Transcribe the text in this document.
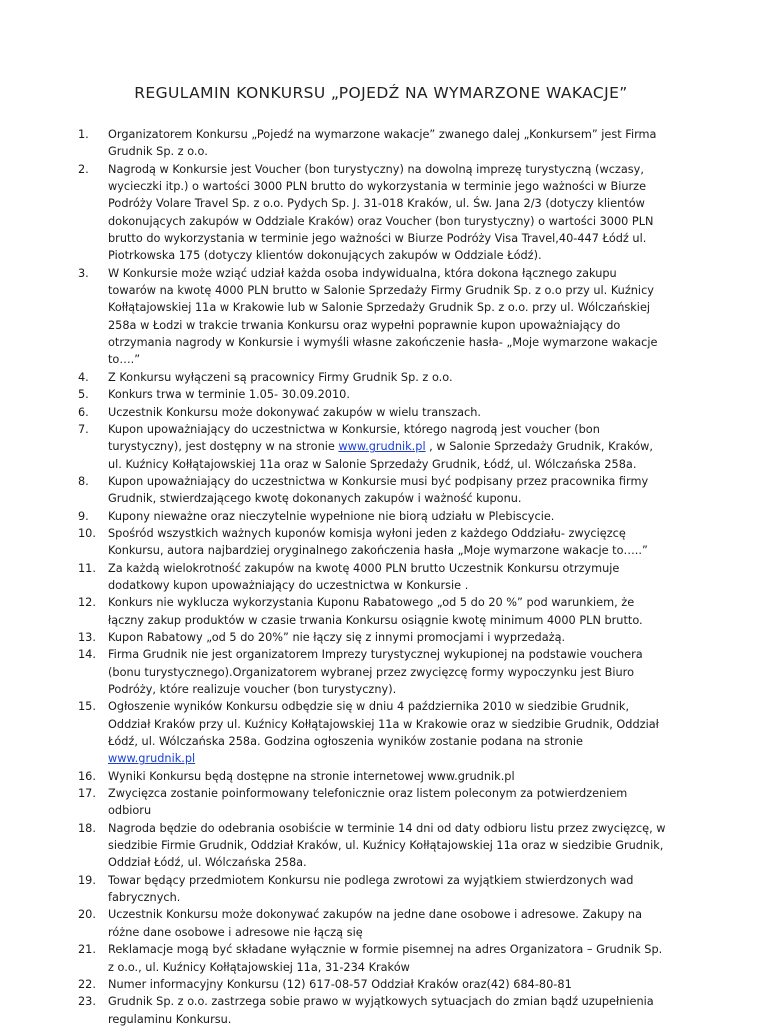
REGULAMIN KONKURSU „POJEDŹ NA WYMARZONE WAKACJE”
1. Organizatorem Konkursu „Pojedź na wymarzone wakacje” zwanego dalej „Konkursem” jest Firma Grudnik Sp. z o.o.
2. Nagrodą w Konkursie jest Voucher (bon turystyczny) na dowolną imprezę turystyczną (wczasy, wycieczki itp.) o wartości 3000 PLN brutto do wykorzystania w terminie jego ważności w Biurze Podróży Volare Travel Sp. z o.o. Pydych Sp. J. 31-018 Kraków, ul. Św. Jana 2/3 (dotyczy klientów dokonujących zakupów w Oddziale Kraków) oraz Voucher (bon turystyczny) o wartości 3000 PLN brutto do wykorzystania w terminie jego ważności w Biurze Podróży Visa Travel,40-447 Łódź ul. Piotrkowska 175 (dotyczy klientów dokonujących zakupów w Oddziale Łódź).
3. W Konkursie może wziąć udział każda osoba indywidualna, która dokona łącznego zakupu towarów na kwotę 4000 PLN brutto w Salonie Sprzedaży Firmy Grudnik Sp. z o.o przy ul. Kuźnicy Kołłątajowskiej 11a w Krakowie lub w Salonie Sprzedaży Grudnik Sp. z o.o. przy ul. Wólczańskiej 258a w Łodzi w trakcie trwania Konkursu oraz wypełni poprawnie kupon upoważniający do otrzymania nagrody w Konkursie i wymyśli własne zakończenie hasła- „Moje wymarzone wakacje to….”
4. Z Konkursu wyłączeni są pracownicy Firmy Grudnik Sp. z o.o.
5. Konkurs trwa w terminie 1.05- 30.09.2010.
6. Uczestnik Konkursu może dokonywać zakupów w wielu transzach.
7. Kupon upoważniający do uczestnictwa w Konkursie, którego nagrodą jest voucher (bon turystyczny), jest dostępny w na stronie www.grudnik.pl , w Salonie Sprzedaży Grudnik, Kraków, ul. Kuźnicy Kołłątajowskiej 11a oraz w Salonie Sprzedaży Grudnik, Łódź, ul. Wólczańska 258a.
8. Kupon upoważniający do uczestnictwa w Konkursie musi być podpisany przez pracownika firmy Grudnik, stwierdzającego kwotę dokonanych zakupów i ważność kuponu.
9. Kupony nieważne oraz nieczytelnie wypełnione nie biorą udziału w Plebiscycie.
10. Spośród wszystkich ważnych kuponów komisja wyłoni jeden z każdego Oddziału- zwycięzcę Konkursu, autora najbardziej oryginalnego zakończenia hasła „Moje wymarzone wakacje to…..”
11. Za każdą wielokrotność zakupów na kwotę 4000 PLN brutto Uczestnik Konkursu otrzymuje dodatkowy kupon upoważniający do uczestnictwa w Konkursie .
12. Konkurs nie wyklucza wykorzystania Kuponu Rabatowego „od 5 do 20 %” pod warunkiem, że łączny zakup produktów w czasie trwania Konkursu osiągnie kwotę minimum 4000 PLN brutto.
13. Kupon Rabatowy „od 5 do 20%” nie łączy się z innymi promocjami i wyprzedażą.
14. Firma Grudnik nie jest organizatorem Imprezy turystycznej wykupionej na podstawie vouchera (bonu turystycznego).Organizatorem wybranej przez zwycięzcę formy wypoczynku jest Biuro Podróży, które realizuje voucher (bon turystyczny).
15. Ogłoszenie wyników Konkursu odbędzie się w dniu 4 października 2010 w siedzibie Grudnik, Oddział Kraków przy ul. Kuźnicy Kołłątajowskiej 11a w Krakowie oraz w siedzibie Grudnik, Oddział Łódź, ul. Wólczańska 258a. Godzina ogłoszenia wyników zostanie podana na stronie www.grudnik.pl
16. Wyniki Konkursu będą dostępne na stronie internetowej www.grudnik.pl
17. Zwycięzca zostanie poinformowany telefonicznie oraz listem poleconym za potwierdzeniem odbioru
18. Nagroda będzie do odebrania osobiście w terminie 14 dni od daty odbioru listu przez zwycięzcę, w siedzibie Firmie Grudnik, Oddział Kraków, ul. Kuźnicy Kołłątajowskiej 11a oraz w siedzibie Grudnik, Oddział Łódź, ul. Wólczańska 258a.
19. Towar będący przedmiotem Konkursu nie podlega zwrotowi za wyjątkiem stwierdzonych wad fabrycznych.
20. Uczestnik Konkursu może dokonywać zakupów na jedne dane osobowe i adresowe. Zakupy na różne dane osobowe i adresowe nie łączą się
21. Reklamacje mogą być składane wyłącznie w formie pisemnej na adres Organizatora – Grudnik Sp. z o.o., ul. Kuźnicy Kołłątajowskiej 11a, 31-234 Kraków
22. Numer informacyjny Konkursu (12) 617-08-57 Oddział Kraków oraz(42) 684-80-81
23. Grudnik Sp. z o.o. zastrzega sobie prawo w wyjątkowych sytuacjach do zmian bądź uzupełnienia regulaminu Konkursu.
